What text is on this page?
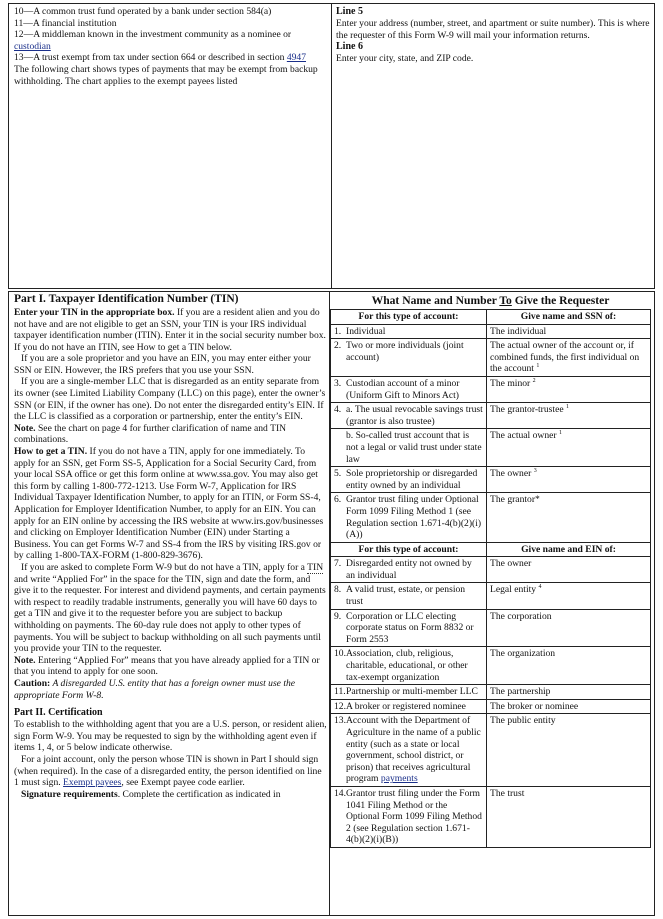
10—A common trust fund operated by a bank under section 584(a)

11—A financial institution

12—A middleman known in the investment community as a nominee or custodian

13—A trust exempt from tax under section 664 or described in section 4947

The following chart shows types of payments that may be exempt from backup withholding. The chart applies to the exempt payees listed

Line 5

Enter your address (number, street, and apartment or suite number). This is where the requester of this Form W-9 will mail your information returns.

Line 6

Enter your city, state, and ZIP code.

Part I. Taxpayer Identification Number (TIN)

Enter your TIN in the appropriate box. If you are a resident alien and you do not have and are not eligible to get an SSN, your TIN is your IRS individual taxpayer identification number (ITIN). Enter it in the social security number box. If you do not have an ITIN, see How to get a TIN below.

If you are a sole proprietor and you have an EIN, you may enter either your SSN or EIN. However, the IRS prefers that you use your SSN.

If you are a single-member LLC that is disregarded as an entity separate from its owner (see Limited Liability Company (LLC) on this page), enter the owner’s SSN (or EIN, if the owner has one). Do not enter the disregarded entity’s EIN. If the LLC is classified as a corporation or partnership, enter the entity’s EIN.

Note. See the chart on page 4 for further clarification of name and TIN combinations.

How to get a TIN. If you do not have a TIN, apply for one immediately. To apply for an SSN, get Form SS-5, Application for a Social Security Card, from your local SSA office or get this form online at www.ssa.gov. You may also get this form by calling 1-800-772-1213. Use Form W-7, Application for IRS Individual Taxpayer Identification Number, to apply for an ITIN, or Form SS-4, Application for Employer Identification Number, to apply for an EIN. You can apply for an EIN online by accessing the IRS website at www.irs.gov/businesses and clicking on Employer Identification Number (EIN) under Starting a Business. You can get Forms W-7 and SS-4 from the IRS by visiting IRS.gov or by calling 1-800-TAX-FORM (1-800-829-3676).

If you are asked to complete Form W-9 but do not have a TIN, apply for a TIN and write “Applied For” in the space for the TIN, sign and date the form, and give it to the requester. For interest and dividend payments, and certain payments with respect to readily tradable instruments, generally you will have 60 days to get a TIN and give it to the requester before you are subject to backup withholding on payments. The 60-day rule does not apply to other types of payments. You will be subject to backup withholding on all such payments until you provide your TIN to the requester.

Note. Entering “Applied For” means that you have already applied for a TIN or that you intend to apply for one soon.

Caution: A disregarded U.S. entity that has a foreign owner must use the appropriate Form W-8.

Part II. Certification

To establish to the withholding agent that you are a U.S. person, or resident alien, sign Form W-9. You may be requested to sign by the withholding agent even if items 1, 4, or 5 below indicate otherwise.

For a joint account, only the person whose TIN is shown in Part I should sign (when required). In the case of a disregarded entity, the person identified on line 1 must sign. Exempt payees, see Exempt payee code earlier.

Signature requirements. Complete the certification as indicated in

What Name and Number To Give the Requester
For this type of account:	Give name and SSN of:

1. Individual	The individual

2. Two or more individuals (joint account)	The actual owner of the account or, if combined funds, the first individual on the account $^1$

3. Custodian account of a minor (Uniform Gift to Minors Act)	The minor $^2$

4. a. The usual revocable savings trust (grantor is also trustee)	The grantor-trustee $^1$

b. So-called trust account that is not a legal or valid trust under state law	The actual owner $^1$

5. Sole proprietorship or disregarded entity owned by an individual	The owner $^3$

6. Grantor trust filing under Optional Form 1099 Filing Method 1 (see Regulation section 1.671-4(b)(2)(i)(A))	The grantor*
For this type of account:	Give name and EIN of:

7. Disregarded entity not owned by an individual	The owner

8. A valid trust, estate, or pension trust	Legal entity $^4$

9. Corporation or LLC electing corporate status on Form 8832 or Form 2553	The corporation

10. Association, club, religious, charitable, educational, or other tax-exempt organization	The organization

11. Partnership or multi-member LLC	The partnership

12. A broker or registered nominee	The broker or nominee

13. Account with the Department of Agriculture in the name of a public entity (such as a state or local government, school district, or prison) that receives agricultural program payments	The public entity

14. Grantor trust filing under the Form 1041 Filing Method or the Optional Form 1099 Filing Method 2 (see Regulation section 1.671-4(b)(2)(i)(B))	The trust
